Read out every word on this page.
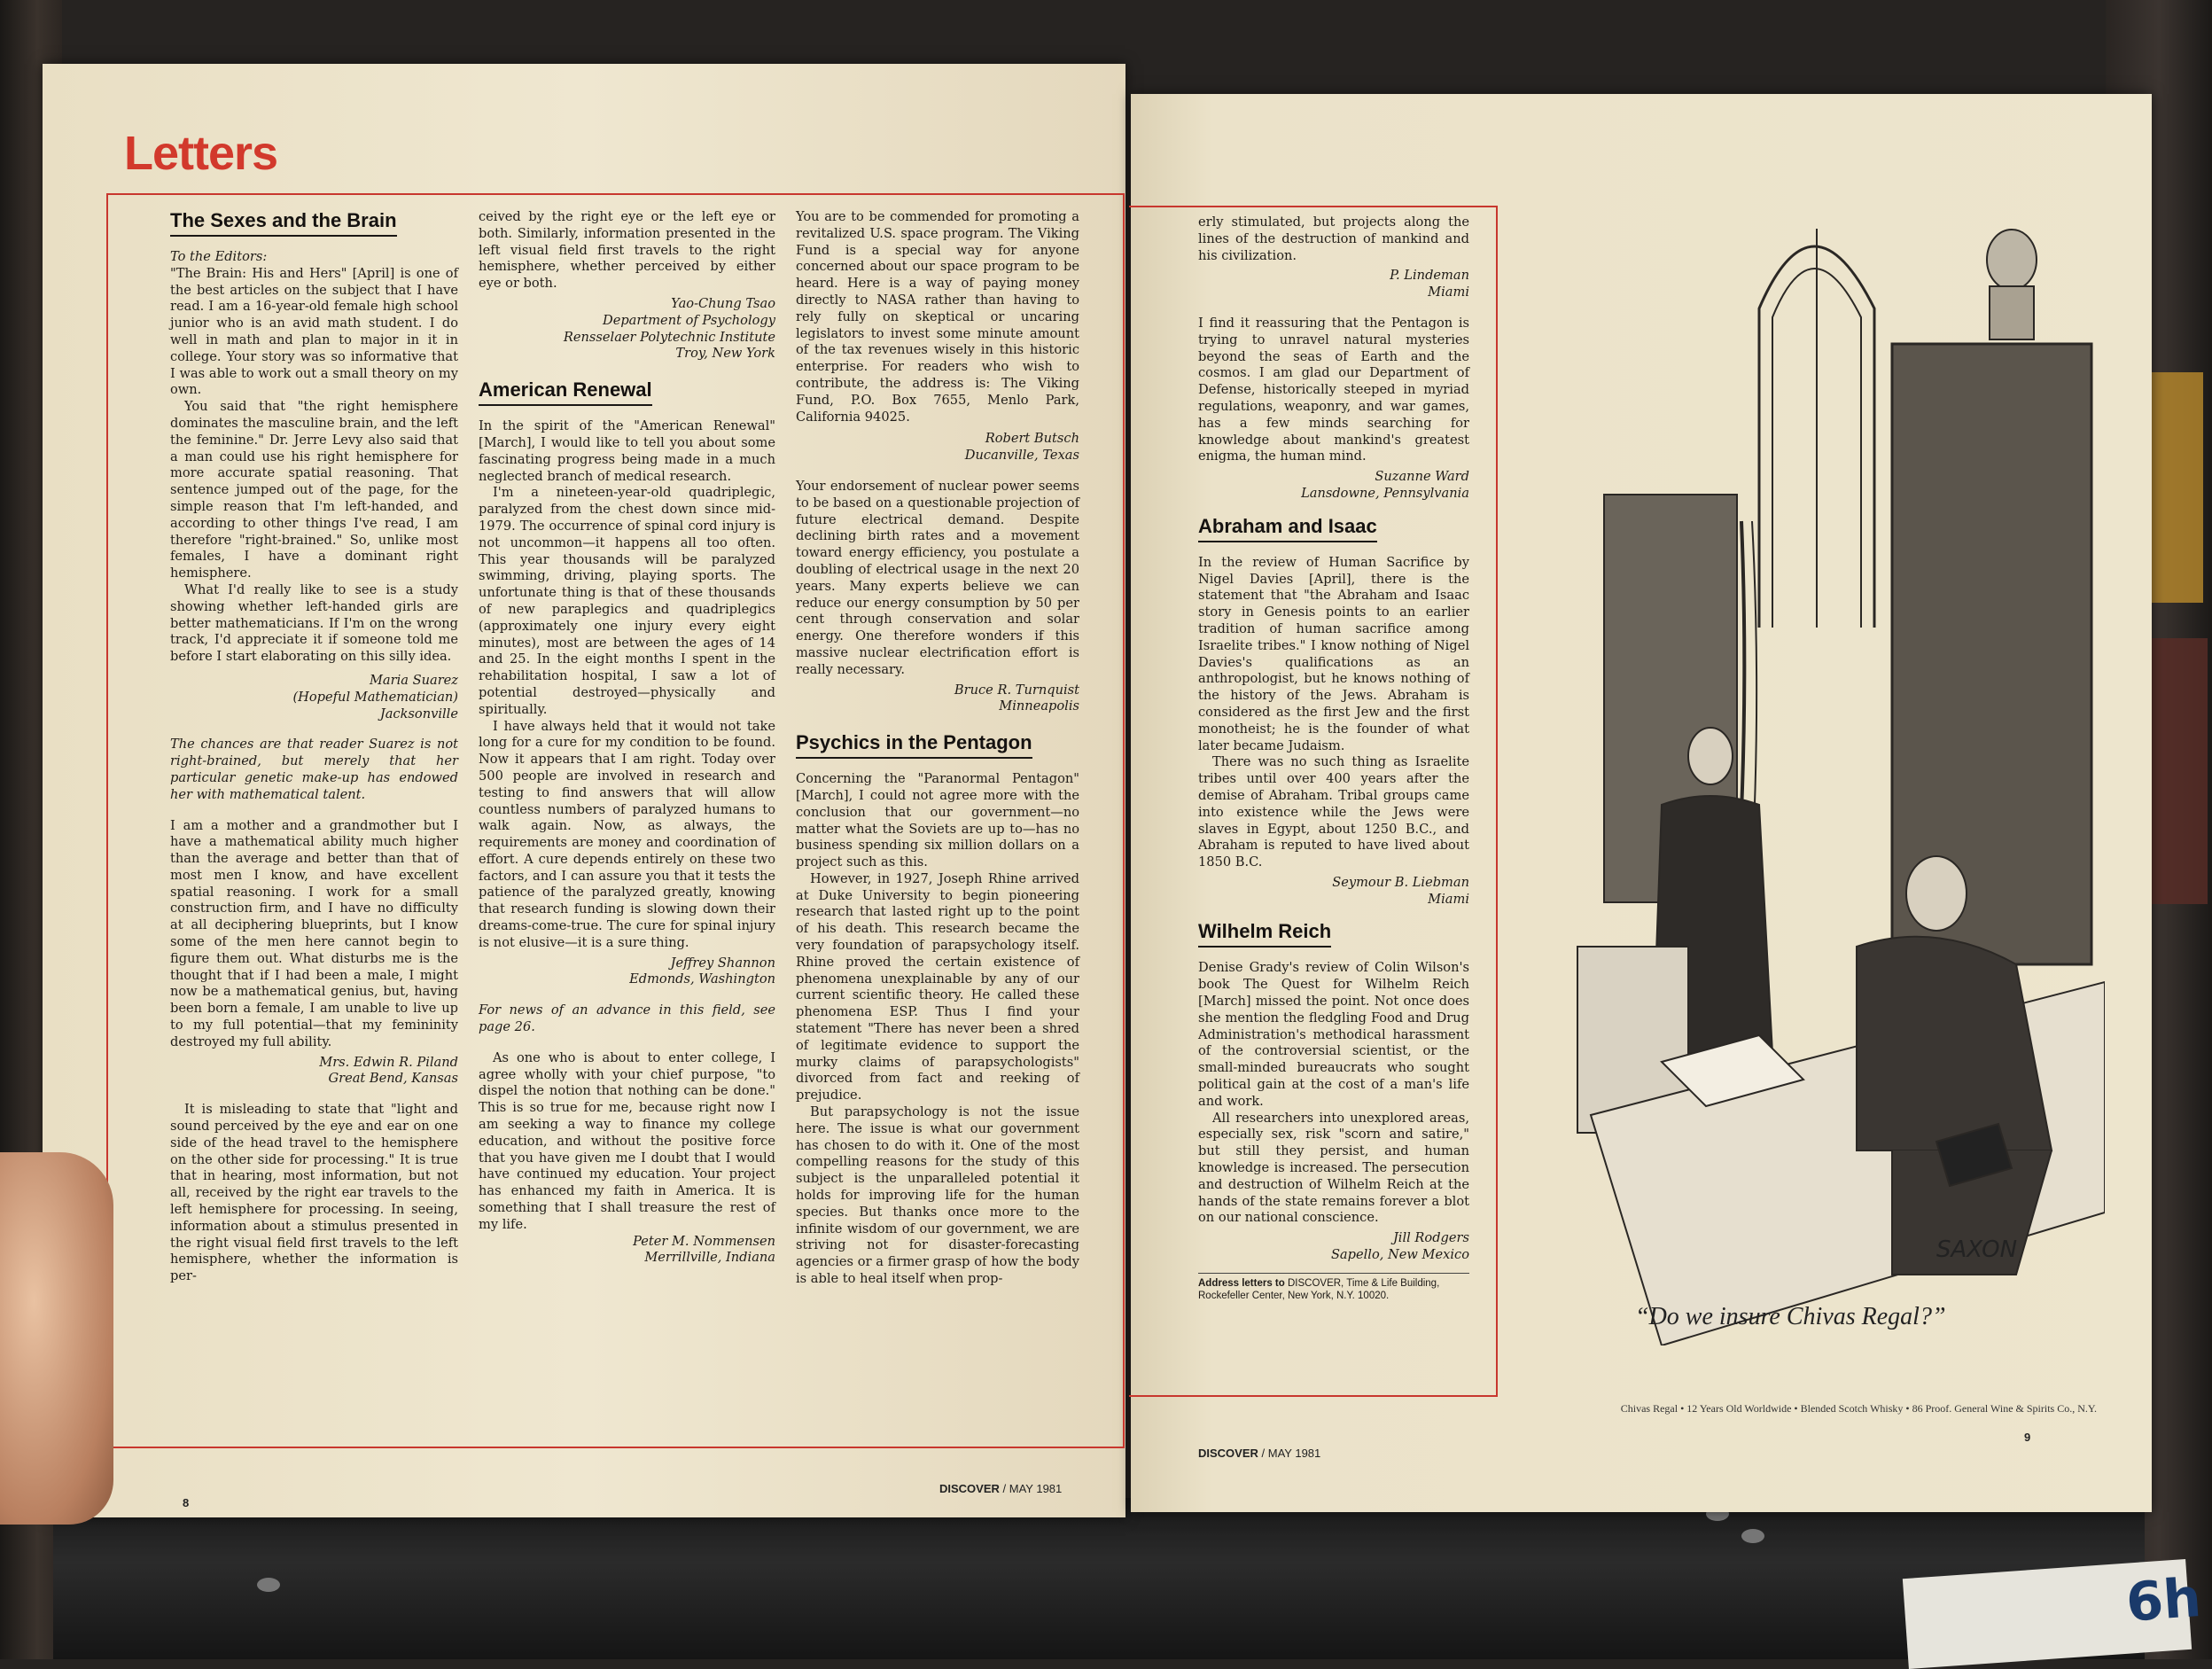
6h
Letters
The Sexes and the Brain

To the Editors:

"The Brain: His and Hers" [April] is one of the best articles on the subject that I have read. I am a 16-year-old female high school junior who is an avid math student. I do well in math and plan to major in it in college. Your story was so informative that I was able to work out a small theory on my own.

You said that "the right hemisphere dominates the masculine brain, and the left the feminine." Dr. Jerre Levy also said that a man could use his right hemisphere for more accurate spatial reasoning. That sentence jumped out of the page, for the simple reason that I'm left-handed, and according to other things I've read, I am therefore "right-brained." So, unlike most females, I have a dominant right hemisphere.

What I'd really like to see is a study showing whether left-handed girls are better mathematicians. If I'm on the wrong track, I'd appreciate it if someone told me before I start elaborating on this silly idea.

Maria Suarez

(Hopeful Mathematician)

Jacksonville

The chances are that reader Suarez is not right-brained, but merely that her particular genetic make-up has endowed her with mathematical talent.

I am a mother and a grandmother but I have a mathematical ability much higher than the average and better than that of most men I know, and have excellent spatial reasoning. I work for a small construction firm, and I have no difficulty at all deciphering blueprints, but I know some of the men here cannot begin to figure them out. What disturbs me is the thought that if I had been a male, I might now be a mathematical genius, but, having been born a female, I am unable to live up to my full potential—that my femininity destroyed my full ability.

Mrs. Edwin R. Piland

Great Bend, Kansas

It is misleading to state that "light and sound perceived by the eye and ear on one side of the head travel to the hemisphere on the other side for processing." It is true that in hearing, most information, but not all, received by the right ear travels to the left hemisphere for processing. In seeing, information about a stimulus presented in the right visual field first travels to the left hemisphere, whether the information is per-

ceived by the right eye or the left eye or both. Similarly, information presented in the left visual field first travels to the right hemisphere, whether perceived by either eye or both.

Yao-Chung Tsao

Department of Psychology

Rensselaer Polytechnic Institute

Troy, New York

American Renewal

In the spirit of the "American Renewal" [March], I would like to tell you about some fascinating progress being made in a much neglected branch of medical research.

I'm a nineteen-year-old quadriplegic, paralyzed from the chest down since mid-1979. The occurrence of spinal cord injury is not uncommon—it happens all too often. This year thousands will be paralyzed swimming, driving, playing sports. The unfortunate thing is that of these thousands of new paraplegics and quadriplegics (approximately one injury every eight minutes), most are between the ages of 14 and 25. In the eight months I spent in the rehabilitation hospital, I saw a lot of potential destroyed—physically and spiritually.

I have always held that it would not take long for a cure for my condition to be found. Now it appears that I am right. Today over 500 people are involved in research and testing to find answers that will allow countless numbers of paralyzed humans to walk again. Now, as always, the requirements are money and coordination of effort. A cure depends entirely on these two factors, and I can assure you that it tests the patience of the paralyzed greatly, knowing that research funding is slowing down their dreams-come-true. The cure for spinal injury is not elusive—it is a sure thing.

Jeffrey Shannon

Edmonds, Washington

For news of an advance in this field, see page 26.

As one who is about to enter college, I agree wholly with your chief purpose, "to dispel the notion that nothing can be done." This is so true for me, because right now I am seeking a way to finance my college education, and without the positive force that you have given me I doubt that I would have continued my education. Your project has enhanced my faith in America. It is something that I shall treasure the rest of my life.

Peter M. Nommensen

Merrillville, Indiana

You are to be commended for promoting a revitalized U.S. space program. The Viking Fund is a special way for anyone concerned about our space program to be heard. Here is a way of paying money directly to NASA rather than having to rely fully on skeptical or uncaring legislators to invest some minute amount of the tax revenues wisely in this historic enterprise. For readers who wish to contribute, the address is: The Viking Fund, P.O. Box 7655, Menlo Park, California 94025.

Robert Butsch

Ducanville, Texas

Your endorsement of nuclear power seems to be based on a questionable projection of future electrical demand. Despite declining birth rates and a movement toward energy efficiency, you postulate a doubling of electrical usage in the next 20 years. Many experts believe we can reduce our energy consumption by 50 per cent through conservation and solar energy. One therefore wonders if this massive nuclear electrification effort is really necessary.

Bruce R. Turnquist

Minneapolis

Psychics in the Pentagon

Concerning the "Paranormal Pentagon" [March], I could not agree more with the conclusion that our government—no matter what the Soviets are up to—has no business spending six million dollars on a project such as this.

However, in 1927, Joseph Rhine arrived at Duke University to begin pioneering research that lasted right up to the point of his death. This research became the very foundation of parapsychology itself. Rhine proved the certain existence of phenomena unexplainable by any of our current scientific theory. He called these phenomena ESP. Thus I find your statement "There has never been a shred of legitimate evidence to support the murky claims of parapsychologists" divorced from fact and reeking of prejudice.

But parapsychology is not the issue here. The issue is what our government has chosen to do with it. One of the most compelling reasons for the study of this subject is the unparalleled potential it holds for improving life for the human species. But thanks once more to the infinite wisdom of our government, we are striving not for disaster-forecasting agencies or a firmer grasp of how the body is able to heal itself when prop-

erly stimulated, but projects along the lines of the destruction of mankind and his civilization.

P. Lindeman

Miami

I find it reassuring that the Pentagon is trying to unravel natural mysteries beyond the seas of Earth and the cosmos. I am glad our Department of Defense, historically steeped in myriad regulations, weaponry, and war games, has a few minds searching for knowledge about mankind's greatest enigma, the human mind.

Suzanne Ward

Lansdowne, Pennsylvania

Abraham and Isaac

In the review of Human Sacrifice by Nigel Davies [April], there is the statement that "the Abraham and Isaac story in Genesis points to an earlier tradition of human sacrifice among Israelite tribes." I know nothing of Nigel Davies's qualifications as an anthropologist, but he knows nothing of the history of the Jews. Abraham is considered as the first Jew and the first monotheist; he is the founder of what later became Judaism.

There was no such thing as Israelite tribes until over 400 years after the demise of Abraham. Tribal groups came into existence while the Jews were slaves in Egypt, about 1250 B.C., and Abraham is reputed to have lived about 1850 B.C.

Seymour B. Liebman

Miami

Wilhelm Reich

Denise Grady's review of Colin Wilson's book The Quest for Wilhelm Reich [March] missed the point. Not once does she mention the fledgling Food and Drug Administration's methodical harassment of the controversial scientist, or the small-minded bureaucrats who sought political gain at the cost of a man's life and work.

All researchers into unexplored areas, especially sex, risk "scorn and satire," but still they persist, and human knowledge is increased. The persecution and destruction of Wilhelm Reich at the hands of the state remains forever a blot on our national conscience.

Jill Rodgers

Sapello, New Mexico

Address letters to DISCOVER, Time & Life Building, Rockefeller Center, New York, N.Y. 10020.
8
DISCOVER / MAY 1981
DISCOVER / MAY 1981
9
SAXON
“Do we insure Chivas Regal?”
Chivas Regal • 12 Years Old Worldwide • Blended Scotch Whisky • 86 Proof. General Wine & Spirits Co., N.Y.
